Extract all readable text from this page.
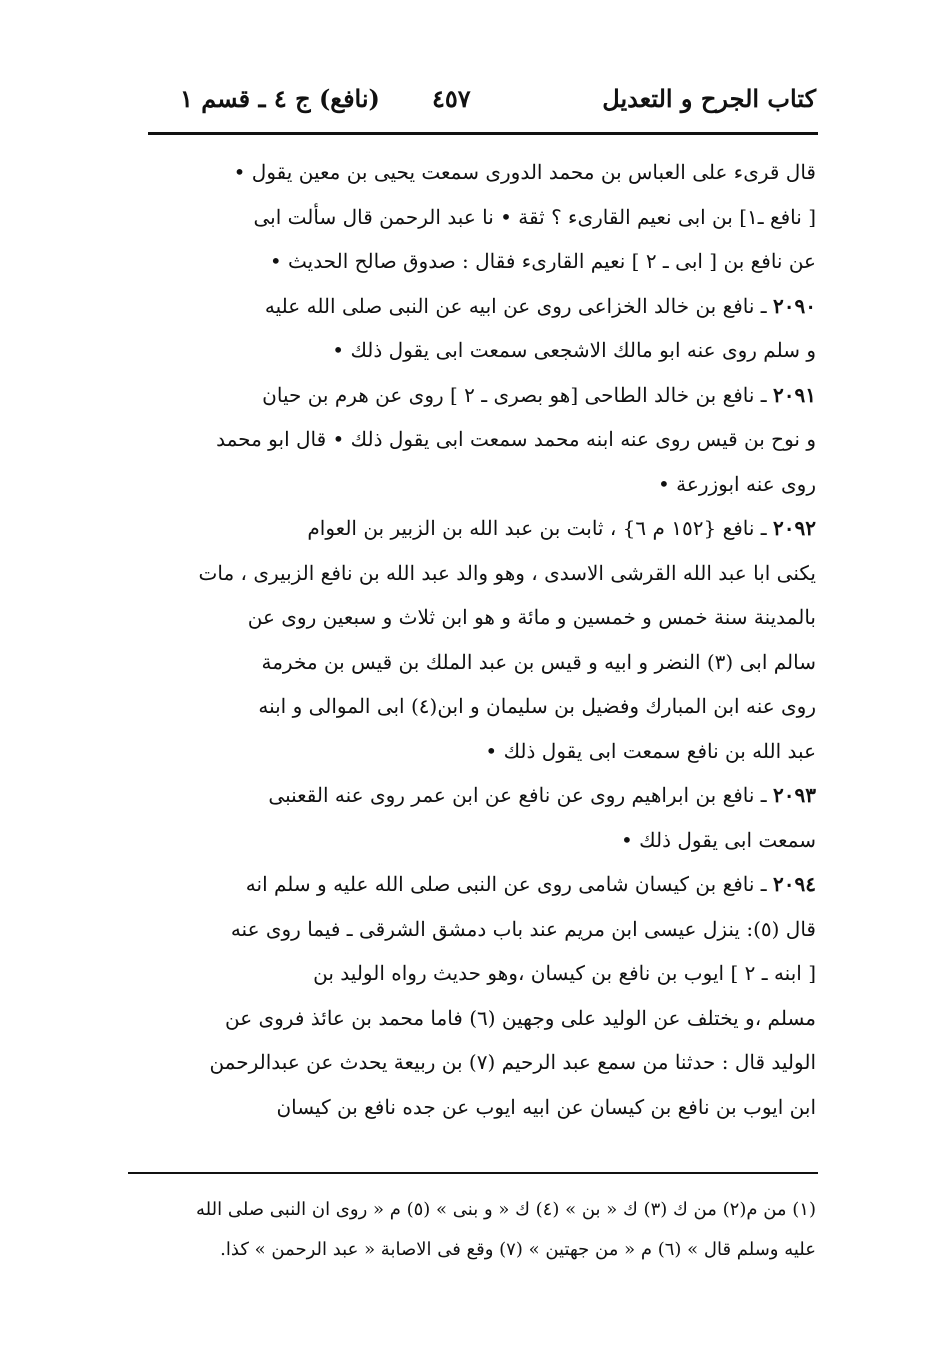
كتاب الجرح و التعديل
٤٥٧
(نافع) ج ٤ ـ قسم ١

قال قرىء على العباس بن محمد الدورى سمعت يحيى بن معين يقول •

[ نافع ـ١] بن ابى نعيم القارىء ؟ ثقة • نا عبد الرحمن قال سألت ابى

عن نافع بن [ ابى ـ ٢ ] نعيم القارىء فقال : صدوق صالح الحديث •

٢٠٩٠ ـ نافع بن خالد الخزاعى روى عن ابيه عن النبى صلى الله عليه

و سلم روى عنه ابو مالك الاشجعى سمعت ابى يقول ذلك •

٢٠٩١ ـ نافع بن خالد الطاحى [هو بصرى ـ ٢ ] روى عن هرم بن حيان

و نوح بن قيس روى عنه ابنه محمد سمعت ابى يقول ذلك • قال ابو محمد

روى عنه ابوزرعة •

٢٠٩٢ ـ نافع {١٥٢ م ٦} ، ثابت بن عبد الله بن الزبير بن العوام

يكنى ابا عبد الله القرشى الاسدى ، وهو والد عبد الله بن نافع الزبيرى ، مات

بالمدينة سنة خمس و خمسين و مائة و هو ابن ثلاث و سبعين روى عن

سالم ابى (٣) النضر و ابيه و قيس بن عبد الملك بن قيس بن مخرمة

روى عنه ابن المبارك وفضيل بن سليمان و ابن(٤) ابى الموالى و ابنه

عبد الله بن نافع سمعت ابى يقول ذلك •

٢٠٩٣ ـ نافع بن ابراهيم روى عن نافع عن ابن عمر روى عنه القعنبى

سمعت ابى يقول ذلك •

٢٠٩٤ ـ نافع بن كيسان شامى روى عن النبى صلى الله عليه و سلم انه

قال (٥): ينزل عيسى ابن مريم عند باب دمشق الشرقى ـ فيما روى عنه

[ ابنه ـ ٢ ] ايوب بن نافع بن كيسان ،وهو حديث رواه الوليد بن

مسلم ،و يختلف عن الوليد على وجهين (٦) فاما محمد بن عائذ فروى عن

الوليد قال : حدثنا من سمع عبد الرحيم (٧) بن ربيعة يحدث عن عبدالرحمن

ابن ايوب بن نافع بن كيسان عن ابيه ايوب عن جده نافع بن كيسان

(١) من م(٢) من ك (٣) ك « بن » (٤) ك « و بنى » (٥) م « روى ان النبى صلى الله

عليه وسلم قال » (٦) م « من جهتين » (٧) وقع فى الاصابة « عبد الرحمن » كذا.
